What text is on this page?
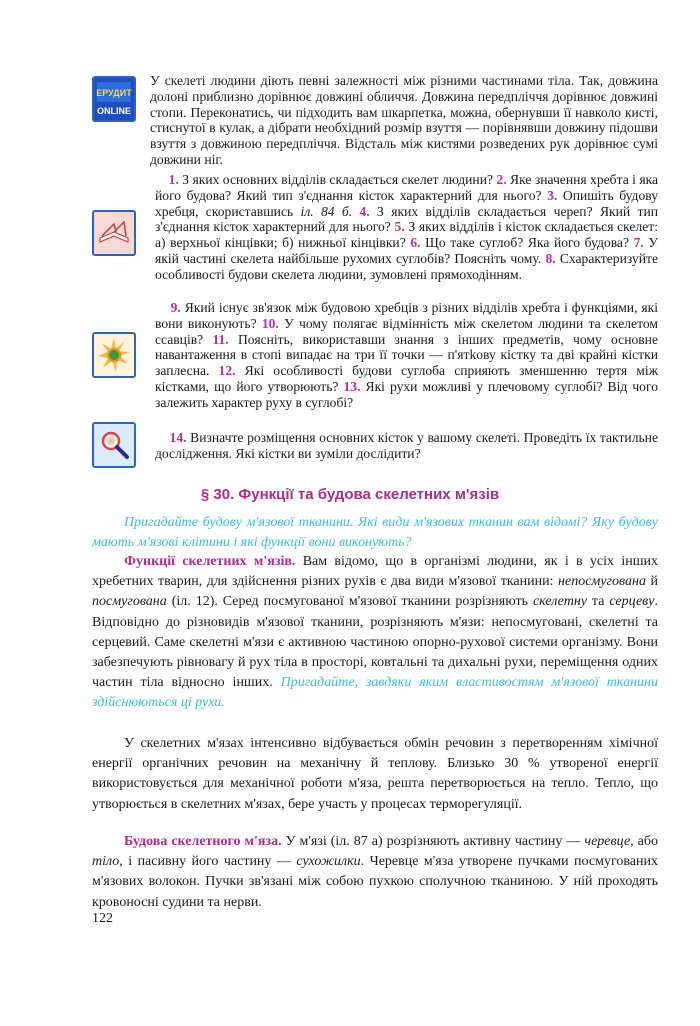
ЕРУДИТ
ONLINE

У скелеті людини діють певні залежності між різними частинами тіла. Так, довжина долоні приблизно дорівнює довжині обличчя. Довжина передпліччя дорівнює довжині стопи. Переконатись, чи підходить вам шкарпетка, можна, обернувши її навколо кисті, стиснутої в кулак, а дібрати необхідний розмір взуття — порівнявши довжину підошви взуття з довжиною передпліччя. Відсталь між кистями розведених рук дорівнює сумі довжини ніг.

1. З яких основних відділів складається скелет людини? 2. Яке значення хребта і яка його будова? Який тип з'єднання кісток характерний для нього? 3. Опишіть будову хребця, скориставшись іл. 84 б. 4. З яких відділів складається череп? Який тип з'єднання кісток характерний для нього? 5. З яких відділів і кісток складається скелет: а) верхньої кінцівки; б) нижньої кінцівки? 6. Що таке суглоб? Яка його будова? 7. У якій частині скелета найбільше рухомих суглобів? Поясніть чому. 8. Схарактеризуйте особливості будови скелета людини, зумовлені прямоходінням.

9. Який існує зв'язок між будовою хребців з різних відділів хребта і функціями, які вони виконують? 10. У чому полягає відмінність між скелетом людини та скелетом ссавців? 11. Поясніть, використавши знання з інших предметів, чому основне навантаження в стопі випадає на три її точки — п'ятkову кістку та дві крайні кістки заплесна. 12. Які особливості будови суглоба сприяють зменшенню тертя між кістками, що його утворюють? 13. Які рухи можливі у плечовому суглобі? Від чого залежить характер руху в суглобі?

14. Визначте розміщення основних кісток у вашому скелеті. Проведіть їх тактильне дослідження. Які кістки ви зуміли дослідити?

§ 30. Функції та будова скелетних м'язів

Пригадайте будову м'язової тканини. Які види м'язових тканин вам відомі? Яку будову мають м'язові клітини і які функції вони виконують?

Функції скелетних м'язів. Вам відомо, що в організмі людини, як і в усіх інших хребетних тварин, для здійснення різних рухів є два види м'язової тканини: непосмугована й посмугована (іл. 12). Серед посмугованої м'язової тканини розрізняють скелетну та серцеву. Відповідно до різновидів м'язової тканини, розрізняють м'язи: непосмуговані, скелетні та серцевий. Саме скелетні м'язи є активною частиною опорно-рухової системи організму. Вони забезпечують рівновагу й рух тіла в просторі, ковтальні та дихальні рухи, переміщення одних частин тіла відносно інших. Пригадайте, завдяки яким властивостям м'язової тканини здійснюються ці рухи.

У скелетних м'язах інтенсивно відбувається обмін речовин з перетворенням хімічної енергії органічних речовин на механічну й теплову. Близько 30 % утвореної енергії використовується для механічної роботи м'яза, решта перетворюється на тепло. Тепло, що утворюється в скелетних м'язах, бере участь у процесах терморегуляції.

Будова скелетного м'яза. У м'язі (іл. 87 а) розрізняють активну частину — черевце, або тіло, і пасивну його частину — сухожилки. Черевце м'яза утворене пучками посмугованих м'язових волокон. Пучки зв'язані між собою пухкою сполучною тканиною. У ній проходять кровоносні судини та нерви.

122
